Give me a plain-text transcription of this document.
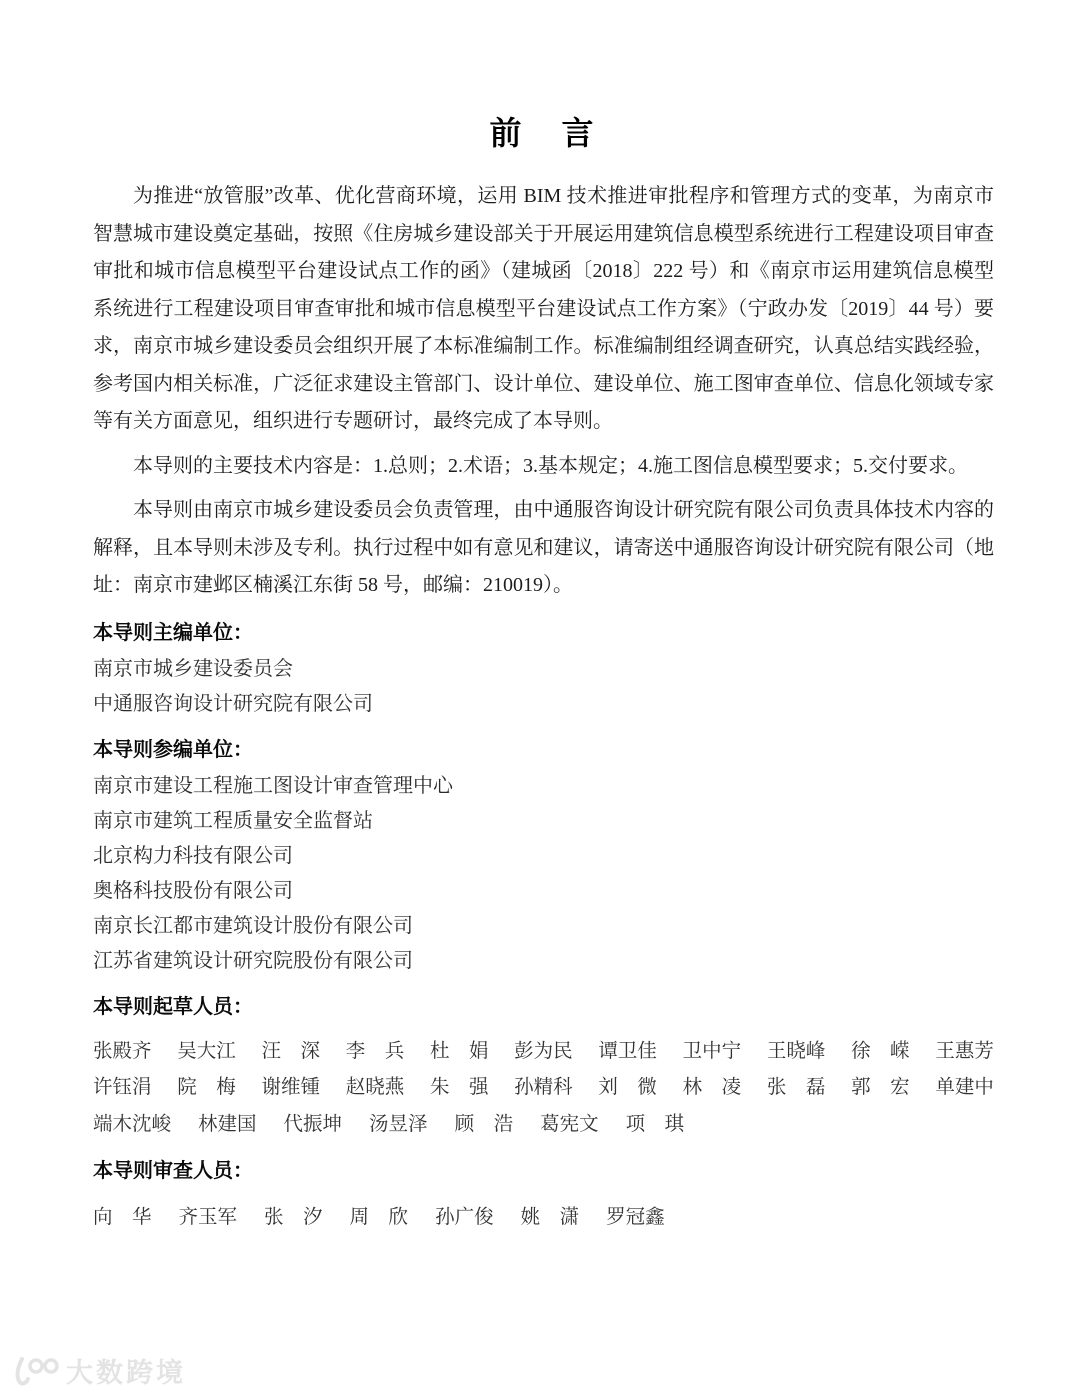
前　言

为推进“放管服”改革、优化营商环境，运用 BIM 技术推进审批程序和管理方式的变革，为南京市智慧城市建设奠定基础，按照《住房城乡建设部关于开展运用建筑信息模型系统进行工程建设项目审查审批和城市信息模型平台建设试点工作的函》（建城函〔2018〕222 号）和《南京市运用建筑信息模型系统进行工程建设项目审查审批和城市信息模型平台建设试点工作方案》（宁政办发〔2019〕44 号）要求，南京市城乡建设委员会组织开展了本标准编制工作。标准编制组经调查研究，认真总结实践经验，参考国内相关标准，广泛征求建设主管部门、设计单位、建设单位、施工图审查单位、信息化领域专家等有关方面意见，组织进行专题研讨，最终完成了本导则。

本导则的主要技术内容是：1.总则；2.术语；3.基本规定；4.施工图信息模型要求；5.交付要求。

本导则由南京市城乡建设委员会负责管理，由中通服咨询设计研究院有限公司负责具体技术内容的解释，且本导则未涉及专利。执行过程中如有意见和建议，请寄送中通服咨询设计研究院有限公司（地址：南京市建邺区楠溪江东街 58 号，邮编：210019）。

本导则主编单位：
南京市城乡建设委员会
中通服咨询设计研究院有限公司
本导则参编单位：
南京市建设工程施工图设计审查管理中心
南京市建筑工程质量安全监督站
北京构力科技有限公司
奥格科技股份有限公司
南京长江都市建筑设计股份有限公司
江苏省建筑设计研究院股份有限公司
本导则起草人员：
张殿齐 吴大江 汪　深 李　兵 杜　娟 彭为民 谭卫佳 卫中宁 王晓峰 徐　嵘 王惠芳
许钰涓 院　梅 谢维锺 赵晓燕 朱　强 孙精科 刘　微 林　凌 张　磊 郭　宏 单建中
端木沈峻 林建国 代振坤 汤昱泽 顾　浩 葛宪文 项　琪
本导则审查人员：
向　华 齐玉军 张　汐 周　欣 孙广俊 姚　潇 罗冠鑫
大数跨境
